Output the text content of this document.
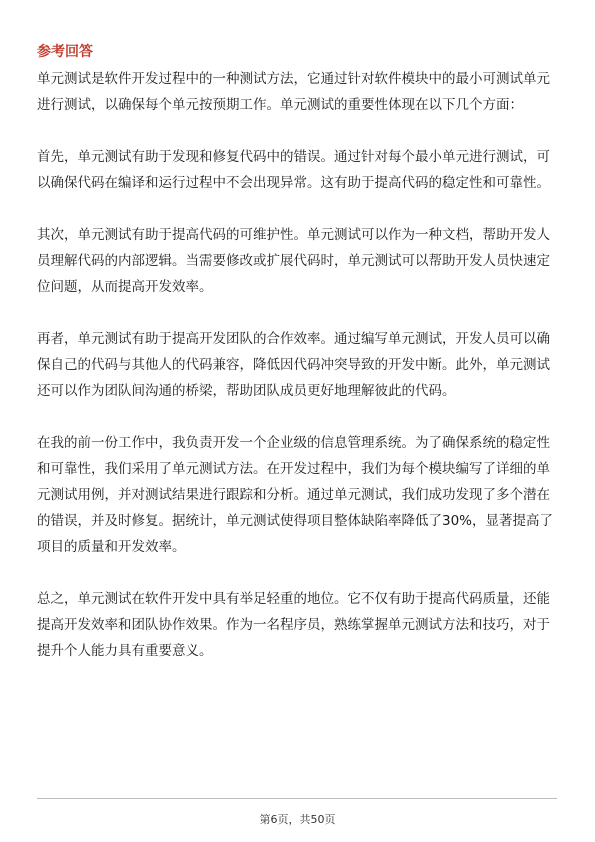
参考回答

单元测试是软件开发过程中的一种测试方法，它通过针对软件模块中的最小可测试单元进行测试，以确保每个单元按预期工作。单元测试的重要性体现在以下几个方面：

首先，单元测试有助于发现和修复代码中的错误。通过针对每个最小单元进行测试，可以确保代码在编译和运行过程中不会出现异常。这有助于提高代码的稳定性和可靠性。

其次，单元测试有助于提高代码的可维护性。单元测试可以作为一种文档，帮助开发人员理解代码的内部逻辑。当需要修改或扩展代码时，单元测试可以帮助开发人员快速定位问题，从而提高开发效率。

再者，单元测试有助于提高开发团队的合作效率。通过编写单元测试，开发人员可以确保自己的代码与其他人的代码兼容，降低因代码冲突导致的开发中断。此外，单元测试还可以作为团队间沟通的桥梁，帮助团队成员更好地理解彼此的代码。

在我的前一份工作中，我负责开发一个企业级的信息管理系统。为了确保系统的稳定性和可靠性，我们采用了单元测试方法。在开发过程中，我们为每个模块编写了详细的单元测试用例，并对测试结果进行跟踪和分析。通过单元测试，我们成功发现了多个潜在的错误，并及时修复。据统计，单元测试使得项目整体缺陷率降低了30%，显著提高了项目的质量和开发效率。

总之，单元测试在软件开发中具有举足轻重的地位。它不仅有助于提高代码质量，还能提高开发效率和团队协作效果。作为一名程序员，熟练掌握单元测试方法和技巧，对于提升个人能力具有重要意义。

第6页，共50页
